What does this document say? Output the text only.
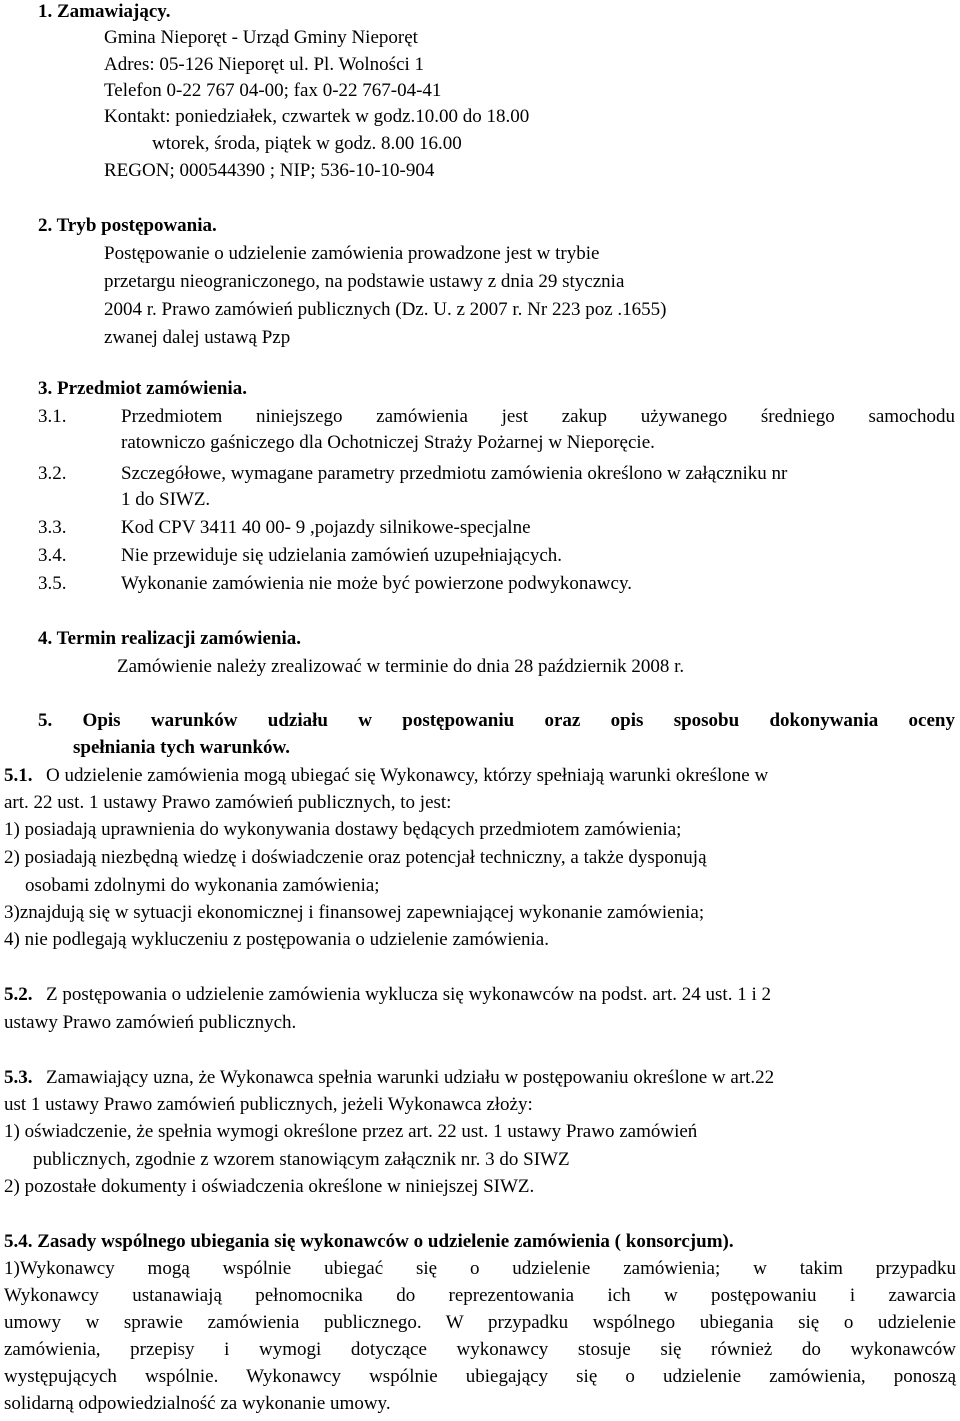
1. Zamawiający.
Gmina Nieporęt - Urząd Gminy Nieporęt
Adres: 05-126 Nieporęt ul. Pl. Wolności 1
Telefon 0-22 767 04-00; fax 0-22 767-04-41
Kontakt: poniedziałek, czwartek w godz.10.00 do 18.00
wtorek, środa, piątek w godz. 8.00 16.00
REGON; 000544390 ; NIP; 536-10-10-904
2. Tryb postępowania.
Postępowanie o udzielenie zamówienia prowadzone jest w trybie
przetargu nieograniczonego, na podstawie ustawy z dnia 29 stycznia
2004 r. Prawo zamówień publicznych (Dz. U. z 2007 r. Nr 223 poz .1655)
zwanej dalej ustawą Pzp
3. Przedmiot zamówienia.
3.1.	Przedmiotem niniejszego zamówienia jest zakup używanego średniego samochodu
ratowniczo gaśniczego dla Ochotniczej Straży Pożarnej w Nieporęcie.
3.2.	Szczegółowe, wymagane parametry przedmiotu zamówienia określono w załączniku nr
1 do SIWZ.
3.3.	Kod CPV 3411 40 00- 9 ,pojazdy silnikowe-specjalne
3.4.	Nie przewiduje się udzielania zamówień uzupełniających.
3.5.	Wykonanie zamówienia nie może być powierzone podwykonawcy.
4. Termin realizacji zamówienia.
Zamówienie należy zrealizować w terminie do dnia 28 październik 2008 r.
5. Opis warunków udziału w postępowaniu oraz opis sposobu dokonywania oceny
spełniania tych warunków.
5.1. O udzielenie zamówienia mogą ubiegać się Wykonawcy, którzy spełniają warunki określone w
art. 22 ust. 1 ustawy Prawo zamówień publicznych, to jest:
1) posiadają uprawnienia do wykonywania dostawy będących przedmiotem zamówienia;
2) posiadają niezbędną wiedzę i doświadczenie oraz potencjał techniczny, a także dysponują
osobami zdolnymi do wykonania zamówienia;
3)znajdują się w sytuacji ekonomicznej i finansowej zapewniającej wykonanie zamówienia;
4) nie podlegają wykluczeniu z postępowania o udzielenie zamówienia.
5.2. Z postępowania o udzielenie zamówienia wyklucza się wykonawców na podst. art. 24 ust. 1 i 2
ustawy Prawo zamówień publicznych.
5.3. Zamawiający uzna, że Wykonawca spełnia warunki udziału w postępowaniu określone w art.22
ust 1 ustawy Prawo zamówień publicznych, jeżeli Wykonawca złoży:
1) oświadczenie, że spełnia wymogi określone przez art. 22 ust. 1 ustawy Prawo zamówień
publicznych, zgodnie z wzorem stanowiącym załącznik nr. 3 do SIWZ
2) pozostałe dokumenty i oświadczenia określone w niniejszej SIWZ.
5.4. Zasady wspólnego ubiegania się wykonawców o udzielenie zamówienia ( konsorcjum).
1)Wykonawcy mogą wspólnie ubiegać się o udzielenie zamówienia; w takim przypadku
Wykonawcy ustanawiają pełnomocnika do reprezentowania ich w postępowaniu i zawarcia
umowy w sprawie zamówienia publicznego. W przypadku wspólnego ubiegania się o udzielenie
zamówienia, przepisy i wymogi dotyczące wykonawcy stosuje się również do wykonawców
występujących wspólnie. Wykonawcy wspólnie ubiegający się o udzielenie zamówienia, ponoszą
solidarną odpowiedzialność za wykonanie umowy.
